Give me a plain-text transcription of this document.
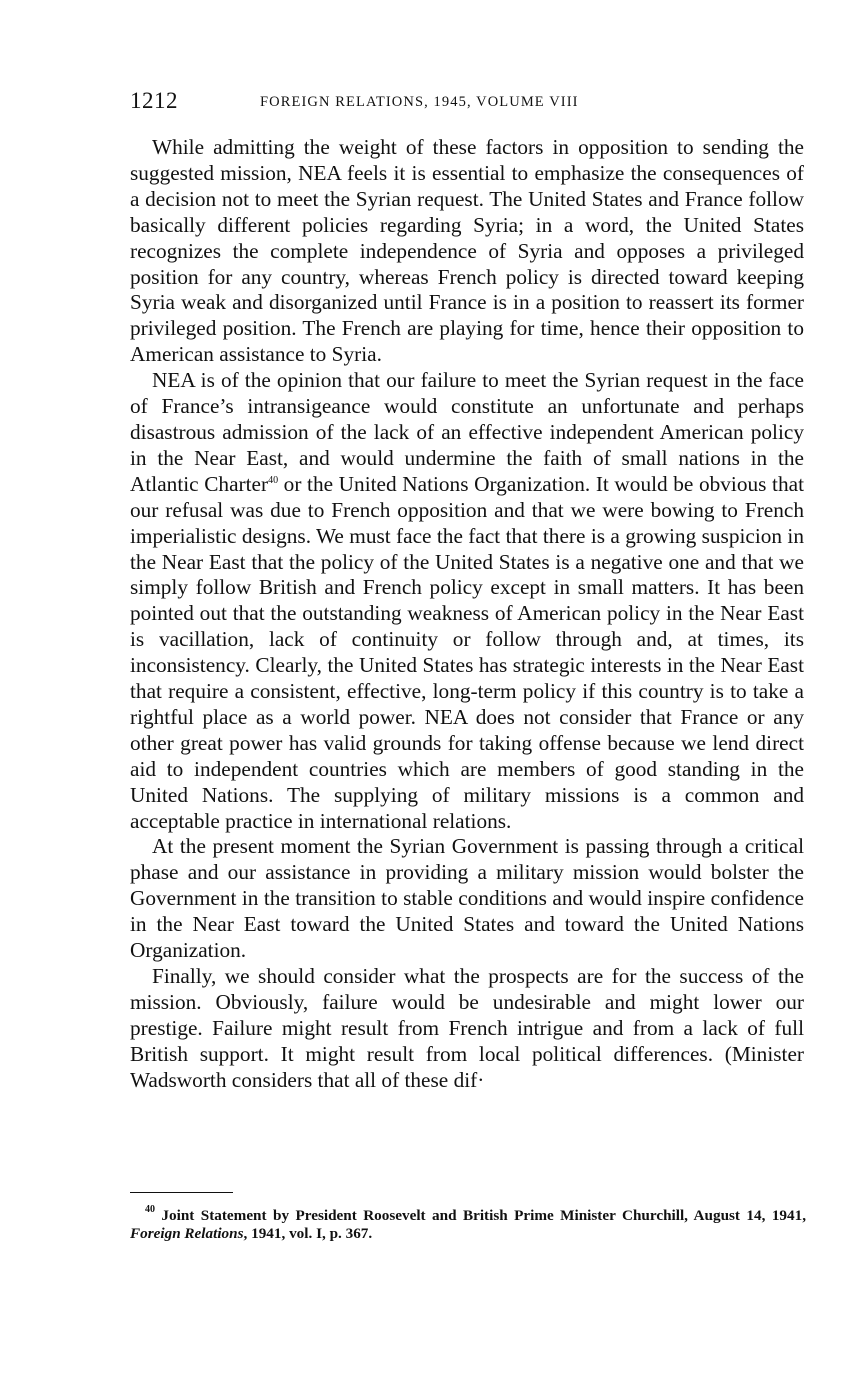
1212	FOREIGN RELATIONS, 1945, VOLUME VIII

While admitting the weight of these factors in opposition to sending the suggested mission, NEA feels it is essential to emphasize the consequences of a decision not to meet the Syrian request. The United States and France follow basically different policies regarding Syria; in a word, the United States recognizes the complete independence of Syria and opposes a privileged position for any country, whereas French policy is directed toward keeping Syria weak and disorganized until France is in a position to reassert its former privileged position. The French are playing for time, hence their opposition to American assistance to Syria.

NEA is of the opinion that our failure to meet the Syrian request in the face of France’s intransigeance would constitute an unfortunate and perhaps disastrous admission of the lack of an effective independent American policy in the Near East, and would undermine the faith of small nations in the Atlantic Charter$^{40}$ or the United Nations Organization. It would be obvious that our refusal was due to French opposition and that we were bowing to French imperialistic designs. We must face the fact that there is a growing suspicion in the Near East that the policy of the United States is a negative one and that we simply follow British and French policy except in small matters. It has been pointed out that the outstanding weakness of American policy in the Near East is vacillation, lack of continuity or follow through and, at times, its inconsistency. Clearly, the United States has strategic interests in the Near East that require a consistent, effective, long-term policy if this country is to take a rightful place as a world power. NEA does not consider that France or any other great power has valid grounds for taking offense because we lend direct aid to independent countries which are members of good standing in the United Nations. The supplying of military missions is a common and acceptable practice in international relations.

At the present moment the Syrian Government is passing through a critical phase and our assistance in providing a military mission would bolster the Government in the transition to stable conditions and would inspire confidence in the Near East toward the United States and toward the United Nations Organization.

Finally, we should consider what the prospects are for the success of the mission. Obviously, failure would be undesirable and might lower our prestige. Failure might result from French intrigue and from a lack of full British support. It might result from local political differences. (Minister Wadsworth considers that all of these dif·

$^{40}$ Joint Statement by President Roosevelt and British Prime Minister Churchill, August 14, 1941, Foreign Relations, 1941, vol. I, p. 367.
